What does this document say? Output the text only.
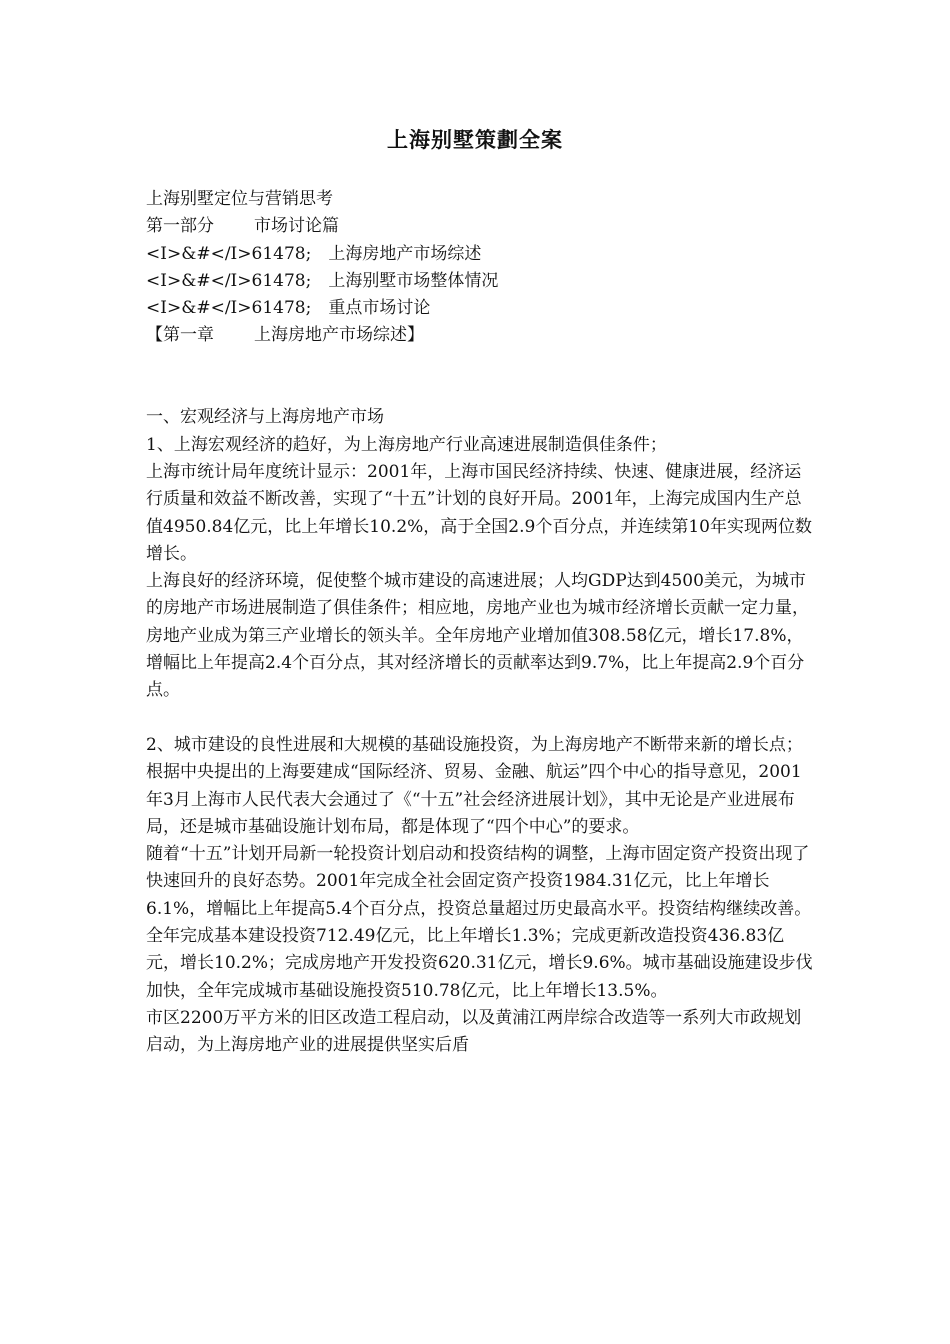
上海别墅策劃全案

上海别墅定位与营销思考

第一部分 市场讨论篇

<I>&#</I>61478; 上海房地产市场综述

<I>&#</I>61478; 上海别墅市场整体情况

<I>&#</I>61478; 重点市场讨论

【第一章 上海房地产市场综述】

一、宏观经济与上海房地产市场

1、上海宏观经济的趋好，为上海房地产行业高速进展制造俱佳条件；

上海市统计局年度统计显示：2001年，上海市国民经济持续、快速、健康进展，经济运行质量和效益不断改善，实现了“十五”计划的良好开局。2001年，上海完成国内生产总值4950.84亿元，比上年增长10.2%，高于全国2.9个百分点，并连续第10年实现两位数增长。

上海良好的经济环境，促使整个城市建设的高速进展；人均GDP达到4500美元，为城市的房地产市场进展制造了俱佳条件；相应地，房地产业也为城市经济增长贡献一定力量，房地产业成为第三产业增长的领头羊。全年房地产业增加值308.58亿元，增长17.8%，增幅比上年提高2.4个百分点，其对经济增长的贡献率达到9.7%，比上年提高2.9个百分点。

2、城市建设的良性进展和大规模的基础设施投资，为上海房地产不断带来新的增长点；

根据中央提出的上海要建成“国际经济、贸易、金融、航运”四个中心的指导意见，2001年3月上海市人民代表大会通过了《“十五”社会经济进展计划》，其中无论是产业进展布局，还是城市基础设施计划布局，都是体现了“四个中心”的要求。

随着“十五”计划开局新一轮投资计划启动和投资结构的调整，上海市固定资产投资出现了快速回升的良好态势。2001年完成全社会固定资产投资1984.31亿元，比上年增长6.1%，增幅比上年提高5.4个百分点，投资总量超过历史最高水平。投资结构继续改善。全年完成基本建设投资712.49亿元，比上年增长1.3%；完成更新改造投资436.83亿元，增长10.2%；完成房地产开发投资620.31亿元，增长9.6%。城市基础设施建设步伐加快，全年完成城市基础设施投资510.78亿元，比上年增长13.5%。

市区2200万平方米的旧区改造工程启动，以及黄浦江两岸综合改造等一系列大市政规划启动，为上海房地产业的进展提供坚实后盾
